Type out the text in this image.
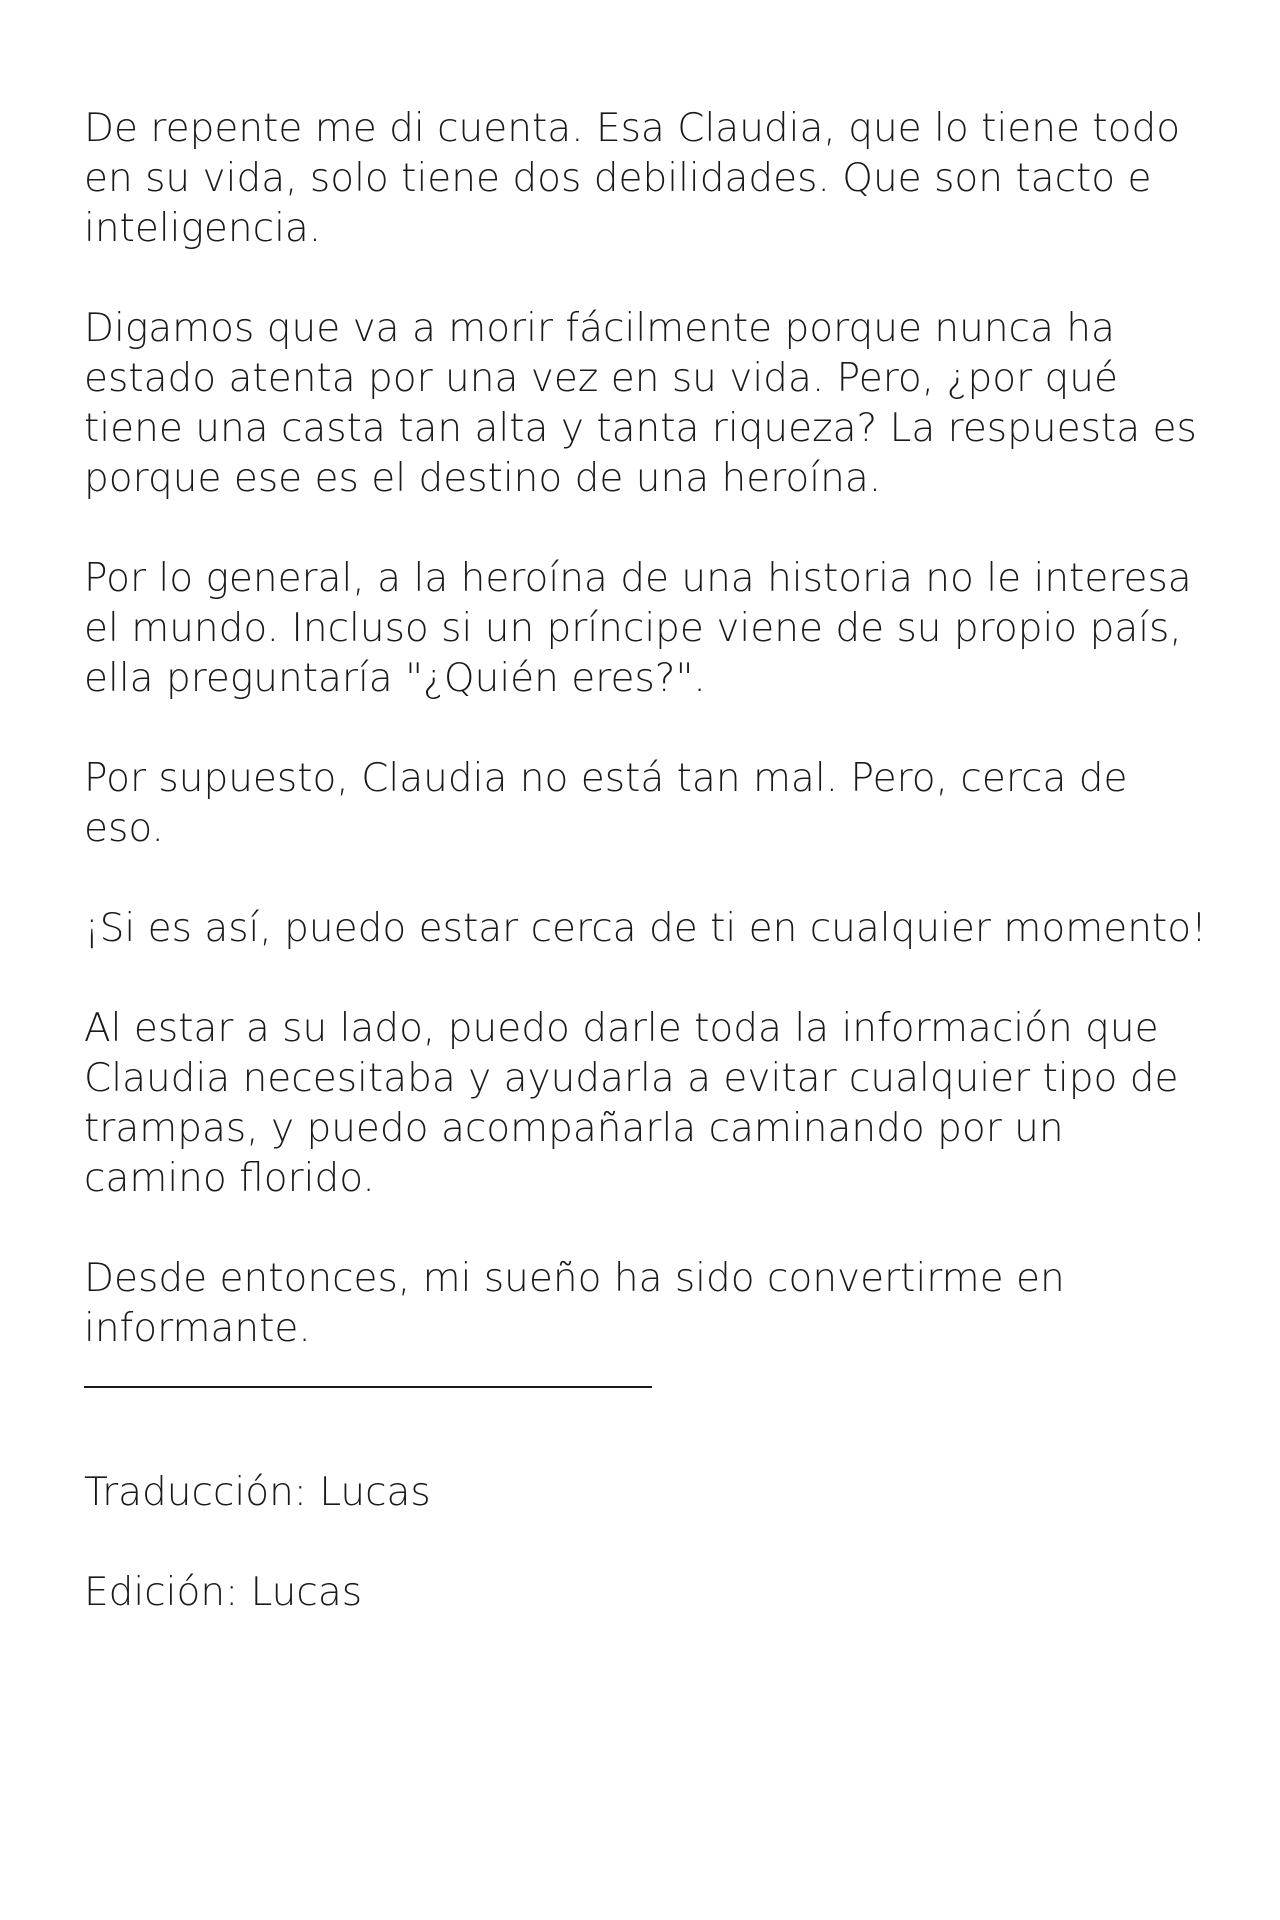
De repente me di cuenta. Esa Claudia, que lo tiene todo
en su vida, solo tiene dos debilidades. Que son tacto e
inteligencia.

Digamos que va a morir fácilmente porque nunca ha
estado atenta por una vez en su vida. Pero, ¿por qué
tiene una casta tan alta y tanta riqueza? La respuesta es
porque ese es el destino de una heroína.

Por lo general, a la heroína de una historia no le interesa
el mundo. Incluso si un príncipe viene de su propio país,
ella preguntaría "¿Quién eres?".

Por supuesto, Claudia no está tan mal. Pero, cerca de eso.

¡Si es así, puedo estar cerca de ti en cualquier momento!

Al estar a su lado, puedo darle toda la información que
Claudia necesitaba y ayudarla a evitar cualquier tipo de
trampas, y puedo acompañarla caminando por un
camino florido.

Desde entonces, mi sueño ha sido convertirme en
informante.

Traducción: Lucas

Edición: Lucas
